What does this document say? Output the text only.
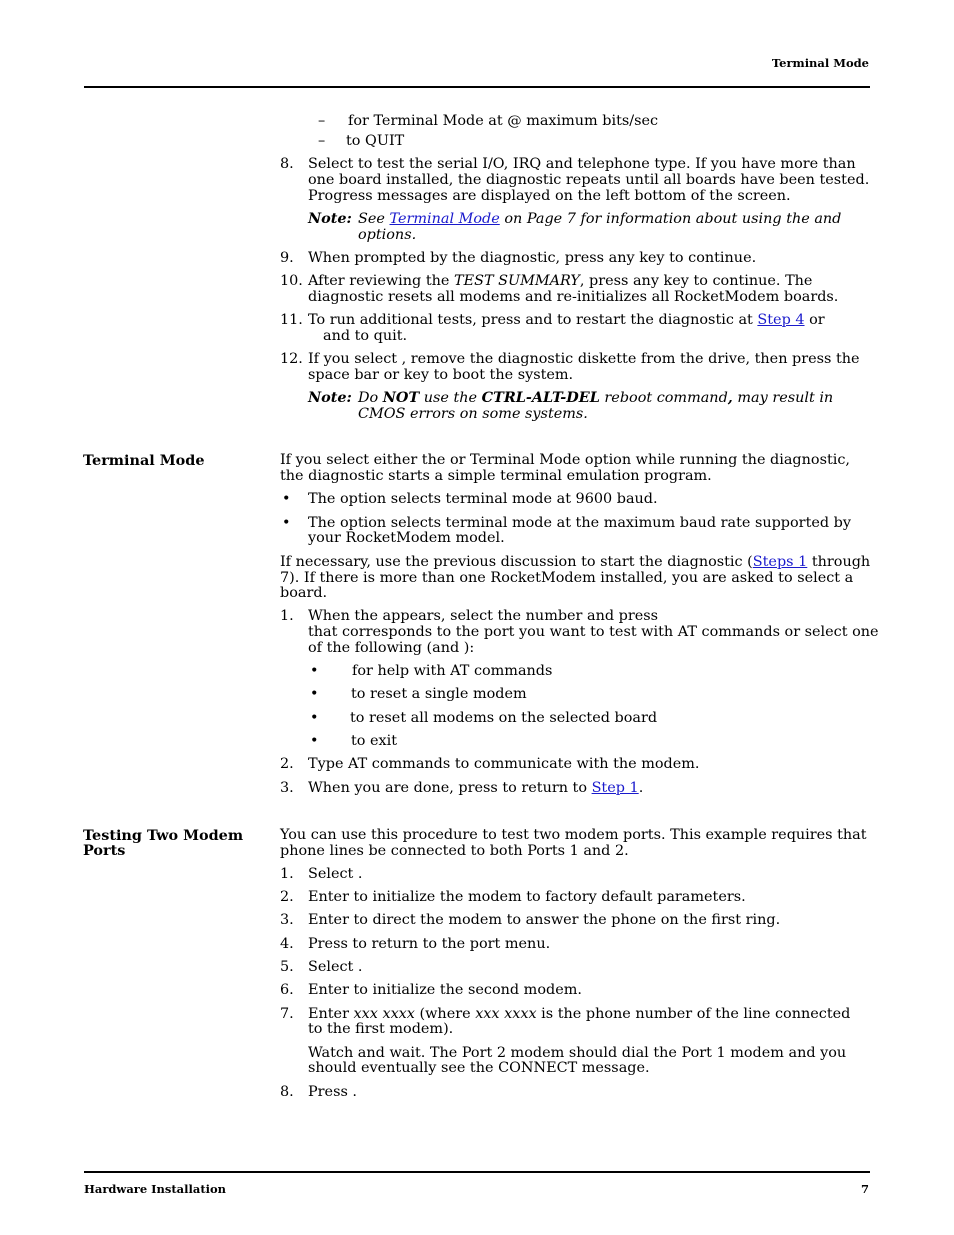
Terminal Mode
– for Terminal Mode at @ maximum bits/sec
– to QUIT
8. Select to test the serial I/O, IRQ and telephone type. If you have more than
one board installed, the diagnostic repeats until all boards have been tested.
Progress messages are displayed on the left bottom of the screen.
Note: See Terminal Mode on Page 7 for information about using the and
options.
9. When prompted by the diagnostic, press any key to continue.
10. After reviewing the TEST SUMMARY, press any key to continue. The
diagnostic resets all modems and re-initializes all RocketModem boards.
11. To run additional tests, press and to restart the diagnostic at Step 4 or
and to quit.
12. If you select , remove the diagnostic diskette from the drive, then press the
space bar or key to boot the system.
Note: Do NOT use the CTRL-ALT-DEL reboot command, may result in
CMOS errors on some systems.
Terminal Mode	If you select either the or Terminal Mode option while running the diagnostic,
the diagnostic starts a simple terminal emulation program.
• The option selects terminal mode at 9600 baud.
• The option selects terminal mode at the maximum baud rate supported by
your RocketModem model.
If necessary, use the previous discussion to start the diagnostic (Steps 1 through
7). If there is more than one RocketModem installed, you are asked to select a
board.
1. When the appears, select the number and press
that corresponds to the port you want to test with AT commands or select one
of the following (and ):
• for help with AT commands
• to reset a single modem
• to reset all modems on the selected board
• to exit
2. Type AT commands to communicate with the modem.
3. When you are done, press to return to Step 1.
Testing Two Modem
Ports
You can use this procedure to test two modem ports. This example requires that
phone lines be connected to both Ports 1 and 2.
1. Select .
2. Enter to initialize the modem to factory default parameters.
3. Enter to direct the modem to answer the phone on the first ring.
4. Press to return to the port menu.
5. Select .
6. Enter to initialize the second modem.
7. Enter xxx xxxx (where xxx xxxx is the phone number of the line connected
to the first modem).
Watch and wait. The Port 2 modem should dial the Port 1 modem and you
should eventually see the CONNECT message.
8. Press .
Hardware Installation	7
